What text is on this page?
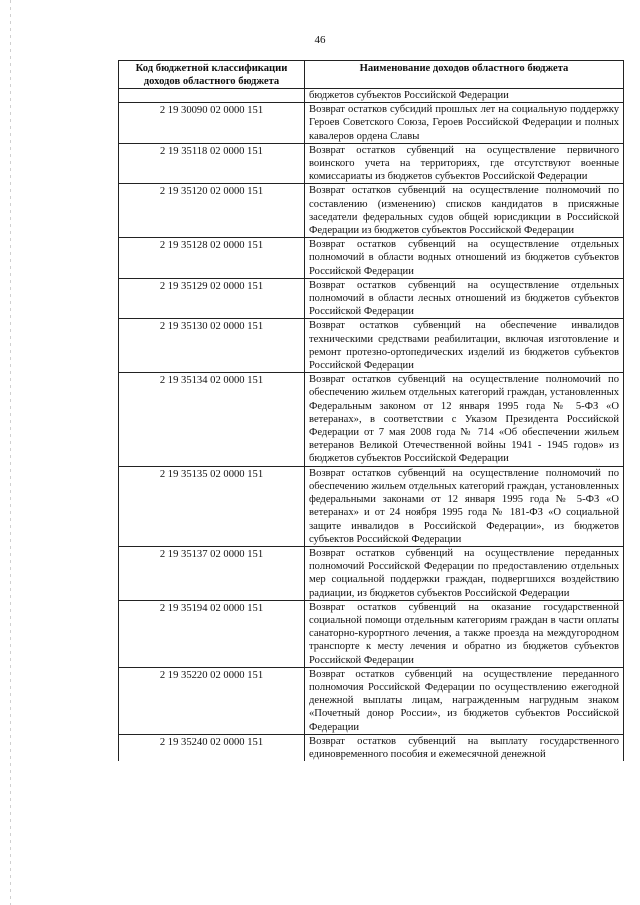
46
Код бюджетной классификации доходов областного бюджета	Наименование доходов областного бюджета
	бюджетов субъектов Российской Федерации
2 19 30090 02 0000 151	Возврат остатков субсидий прошлых лет на социальную поддержку Героев Советского Союза, Героев Российской Федерации и полных кавалеров ордена Славы
2 19 35118 02 0000 151	Возврат остатков субвенций на осуществление первичного воинского учета на территориях, где отсутствуют военные комиссариаты из бюджетов субъектов Российской Федерации
2 19 35120 02 0000 151	Возврат остатков субвенций на осуществление полномочий по составлению (изменению) списков кандидатов в присяжные заседатели федеральных судов общей юрисдикции в Российской Федерации из бюджетов субъектов Российской Федерации
2 19 35128 02 0000 151	Возврат остатков субвенций на осуществление отдельных полномочий в области водных отношений из бюджетов субъектов Российской Федерации
2 19 35129 02 0000 151	Возврат остатков субвенций на осуществление отдельных полномочий в области лесных отношений из бюджетов субъектов Российской Федерации
2 19 35130 02 0000 151	Возврат остатков субвенций на обеспечение инвалидов техническими средствами реабилитации, включая изготовление и ремонт протезно-ортопедических изделий из бюджетов субъектов Российской Федерации
2 19 35134 02 0000 151	Возврат остатков субвенций на осуществление полномочий по обеспечению жильем отдельных категорий граждан, установленных Федеральным законом от 12 января 1995 года № 5-ФЗ «О ветеранах», в соответствии с Указом Президента Российской Федерации от 7 мая 2008 года № 714 «Об обеспечении жильем ветеранов Великой Отечественной войны 1941 - 1945 годов» из бюджетов субъектов Российской Федерации
2 19 35135 02 0000 151	Возврат остатков субвенций на осуществление полномочий по обеспечению жильем отдельных категорий граждан, установленных федеральными законами от 12 января 1995 года № 5-ФЗ «О ветеранах» и от 24 ноября 1995 года № 181-ФЗ «О социальной защите инвалидов в Российской Федерации», из бюджетов субъектов Российской Федерации
2 19 35137 02 0000 151	Возврат остатков субвенций на осуществление переданных полномочий Российской Федерации по предоставлению отдельных мер социальной поддержки граждан, подвергшихся воздействию радиации, из бюджетов субъектов Российской Федерации
2 19 35194 02 0000 151	Возврат остатков субвенций на оказание государственной социальной помощи отдельным категориям граждан в части оплаты санаторно-курортного лечения, а также проезда на междугородном транспорте к месту лечения и обратно из бюджетов субъектов Российской Федерации
2 19 35220 02 0000 151	Возврат остатков субвенций на осуществление переданного полномочия Российской Федерации по осуществлению ежегодной денежной выплаты лицам, награжденным нагрудным знаком «Почетный донор России», из бюджетов субъектов Российской Федерации
2 19 35240 02 0000 151	Возврат остатков субвенций на выплату государственного единовременного пособия и ежемесячной денежной
